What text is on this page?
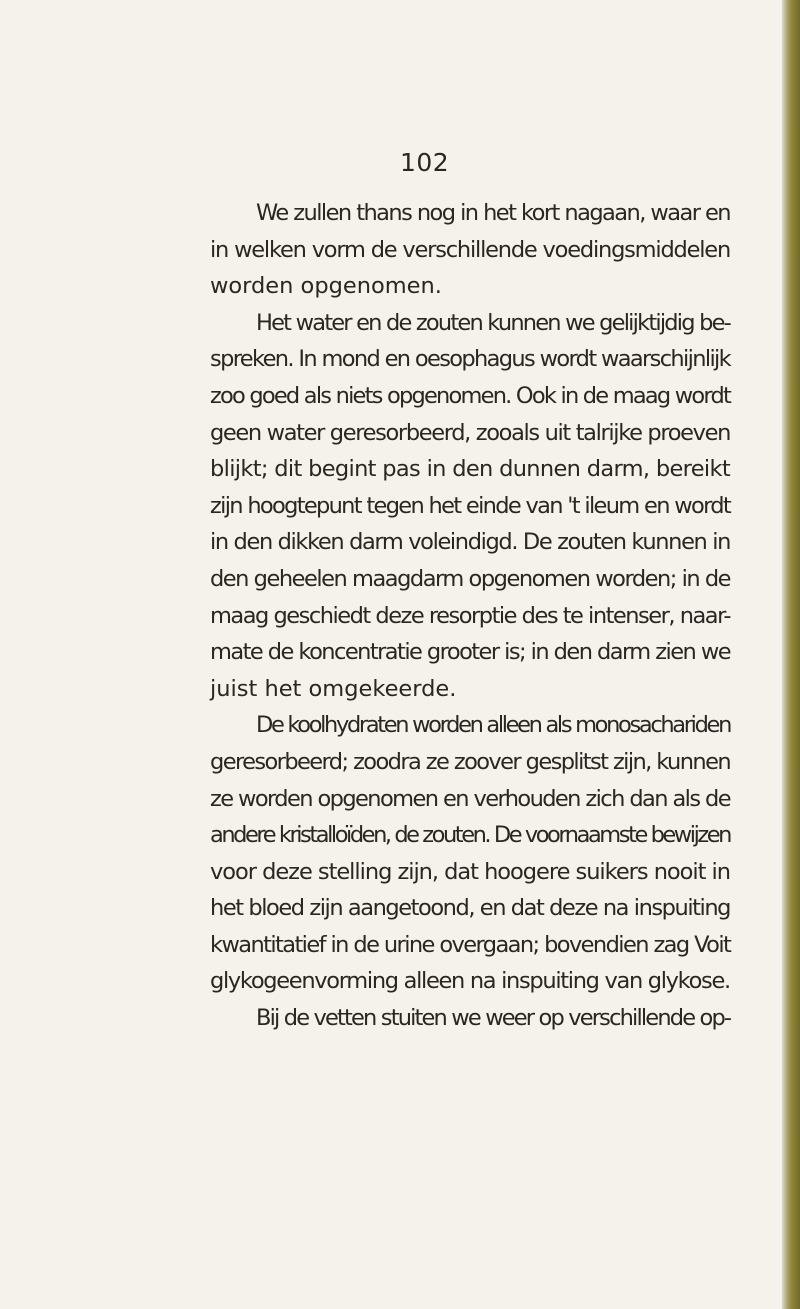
102
We zullen thans nog in het kort nagaan, waar en
in welken vorm de verschillende voedingsmiddelen
worden opgenomen.
Het water en de zouten kunnen we gelijktijdig be-
spreken. In mond en oesophagus wordt waarschijnlijk
zoo goed als niets opgenomen. Ook in de maag wordt
geen water geresorbeerd, zooals uit talrijke proeven
blijkt; dit begint pas in den dunnen darm, bereikt
zijn hoogtepunt tegen het einde van 't ileum en wordt
in den dikken darm voleindigd. De zouten kunnen in
den geheelen maagdarm opgenomen worden; in de
maag geschiedt deze resorptie des te intenser, naar-
mate de koncentratie grooter is; in den darm zien we
juist het omgekeerde.
De koolhydraten worden alleen als monosachariden
geresorbeerd; zoodra ze zoover gesplitst zijn, kunnen
ze worden opgenomen en verhouden zich dan als de
andere kristalloïden, de zouten. De voornaamste bewijzen
voor deze stelling zijn, dat hoogere suikers nooit in
het bloed zijn aangetoond, en dat deze na inspuiting
kwantitatief in de urine overgaan; bovendien zag Voit
glykogeenvorming alleen na inspuiting van glykose.
Bij de vetten stuiten we weer op verschillende op-
